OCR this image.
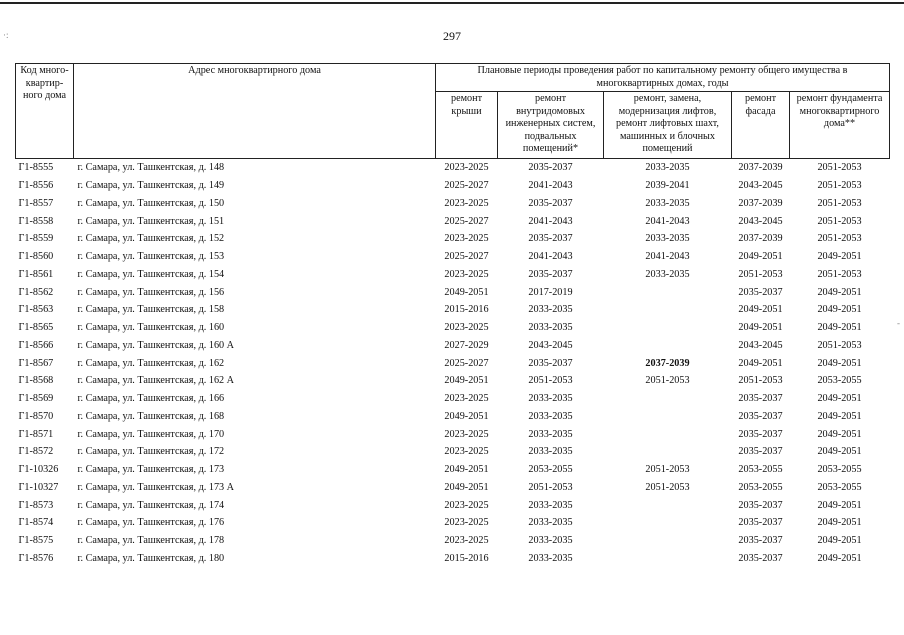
·:
-
297
Код много-квартир-ного дома	Адрес многоквартирного дома	Плановые периоды проведения работ по капитальному ремонту общего имущества в многоквартирных домах, годы				
		ремонт крыши	ремонт внутридомовых инженерных систем, подвальных помещений*	ремонт, замена, модернизация лифтов, ремонт лифтовых шахт, машинных и блочных помещений	ремонт фасада	ремонт фундамента многоквартирного дома**
Г1-8555	г. Самара, ул. Ташкентская, д. 148	2023-2025	2035-2037	2033-2035	2037-2039	2051-2053
Г1-8556	г. Самара, ул. Ташкентская, д. 149	2025-2027	2041-2043	2039-2041	2043-2045	2051-2053
Г1-8557	г. Самара, ул. Ташкентская, д. 150	2023-2025	2035-2037	2033-2035	2037-2039	2051-2053
Г1-8558	г. Самара, ул. Ташкентская, д. 151	2025-2027	2041-2043	2041-2043	2043-2045	2051-2053
Г1-8559	г. Самара, ул. Ташкентская, д. 152	2023-2025	2035-2037	2033-2035	2037-2039	2051-2053
Г1-8560	г. Самара, ул. Ташкентская, д. 153	2025-2027	2041-2043	2041-2043	2049-2051	2049-2051
Г1-8561	г. Самара, ул. Ташкентская, д. 154	2023-2025	2035-2037	2033-2035	2051-2053	2051-2053
Г1-8562	г. Самара, ул. Ташкентская, д. 156	2049-2051	2017-2019		2035-2037	2049-2051
Г1-8563	г. Самара, ул. Ташкентская, д. 158	2015-2016	2033-2035		2049-2051	2049-2051
Г1-8565	г. Самара, ул. Ташкентская, д. 160	2023-2025	2033-2035		2049-2051	2049-2051
Г1-8566	г. Самара, ул. Ташкентская, д. 160 А	2027-2029	2043-2045		2043-2045	2051-2053
Г1-8567	г. Самара, ул. Ташкентская, д. 162	2025-2027	2035-2037	2037-2039	2049-2051	2049-2051
Г1-8568	г. Самара, ул. Ташкентская, д. 162 А	2049-2051	2051-2053	2051-2053	2051-2053	2053-2055
Г1-8569	г. Самара, ул. Ташкентская, д. 166	2023-2025	2033-2035		2035-2037	2049-2051
Г1-8570	г. Самара, ул. Ташкентская, д. 168	2049-2051	2033-2035		2035-2037	2049-2051
Г1-8571	г. Самара, ул. Ташкентская, д. 170	2023-2025	2033-2035		2035-2037	2049-2051
Г1-8572	г. Самара, ул. Ташкентская, д. 172	2023-2025	2033-2035		2035-2037	2049-2051
Г1-10326	г. Самара, ул. Ташкентская, д. 173	2049-2051	2053-2055	2051-2053	2053-2055	2053-2055
Г1-10327	г. Самара, ул. Ташкентская, д. 173 А	2049-2051	2051-2053	2051-2053	2053-2055	2053-2055
Г1-8573	г. Самара, ул. Ташкентская, д. 174	2023-2025	2033-2035		2035-2037	2049-2051
Г1-8574	г. Самара, ул. Ташкентская, д. 176	2023-2025	2033-2035		2035-2037	2049-2051
Г1-8575	г. Самара, ул. Ташкентская, д. 178	2023-2025	2033-2035		2035-2037	2049-2051
Г1-8576	г. Самара, ул. Ташкентская, д. 180	2015-2016	2033-2035		2035-2037	2049-2051
